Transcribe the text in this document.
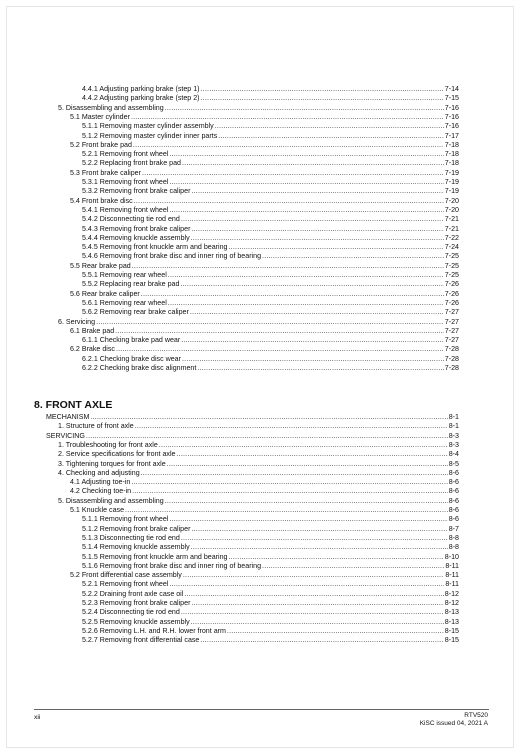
4.4.1 Adjusting parking brake (step 1) .....	7-14
4.4.2 Adjusting parking brake (step 2) .....	7-15
5. Disassembling and assembling .....	7-16
5.1 Master cylinder .....	7-16
5.1.1 Removing master cylinder assembly .....	7-16
5.1.2 Removing master cylinder inner parts .....	7-17
5.2 Front brake pad .....	7-18
5.2.1 Removing front wheel .....	7-18
5.2.2 Replacing front brake pad .....	7-18
5.3 Front brake caliper .....	7-19
5.3.1 Removing front wheel .....	7-19
5.3.2 Removing front brake caliper .....	7-19
5.4 Front brake disc .....	7-20
5.4.1 Removing front wheel .....	7-20
5.4.2 Disconnecting tie rod end .....	7-21
5.4.3 Removing front brake caliper .....	7-21
5.4.4 Removing knuckle assembly .....	7-22
5.4.5 Removing front knuckle arm and bearing .....	7-24
5.4.6 Removing front brake disc and inner ring of bearing .....	7-25
5.5 Rear brake pad .....	7-25
5.5.1 Removing rear wheel .....	7-25
5.5.2 Replacing rear brake pad .....	7-26
5.6 Rear brake caliper .....	7-26
5.6.1 Removing rear wheel .....	7-26
5.6.2 Removing rear brake caliper .....	7-27
6. Servicing .....	7-27
6.1 Brake pad .....	7-27
6.1.1 Checking brake pad wear .....	7-27
6.2 Brake disc .....	7-28
6.2.1 Checking brake disc wear .....	7-28
6.2.2 Checking brake disc alignment .....	7-28
8. FRONT AXLE
MECHANISM .....	8-1
1. Structure of front axle .....	8-1
SERVICING .....	8-3
1. Troubleshooting for front axle .....	8-3
2. Service specifications for front axle .....	8-4
3. Tightening torques for front axle .....	8-5
4. Checking and adjusting .....	8-6
4.1 Adjusting toe-in .....	8-6
4.2 Checking toe-in .....	8-6
5. Disassembling and assembling .....	8-6
5.1 Knuckle case .....	8-6
5.1.1 Removing front wheel .....	8-6
5.1.2 Removing front brake caliper .....	8-7
5.1.3 Disconnecting tie rod end .....	8-8
5.1.4 Removing knuckle assembly .....	8-8
5.1.5 Removing front knuckle arm and bearing .....	8-10
5.1.6 Removing front brake disc and inner ring of bearing .....	8-11
5.2 Front differential case assembly .....	8-11
5.2.1 Removing front wheel .....	8-11
5.2.2 Draining front axle case oil .....	8-12
5.2.3 Removing front brake caliper .....	8-12
5.2.4 Disconnecting tie rod end .....	8-13
5.2.5 Removing knuckle assembly .....	8-13
5.2.6 Removing L.H. and R.H. lower front arm .....	8-15
5.2.7 Removing front differential case .....	8-15
xii	RTV520
KiSC issued 04, 2021 A
